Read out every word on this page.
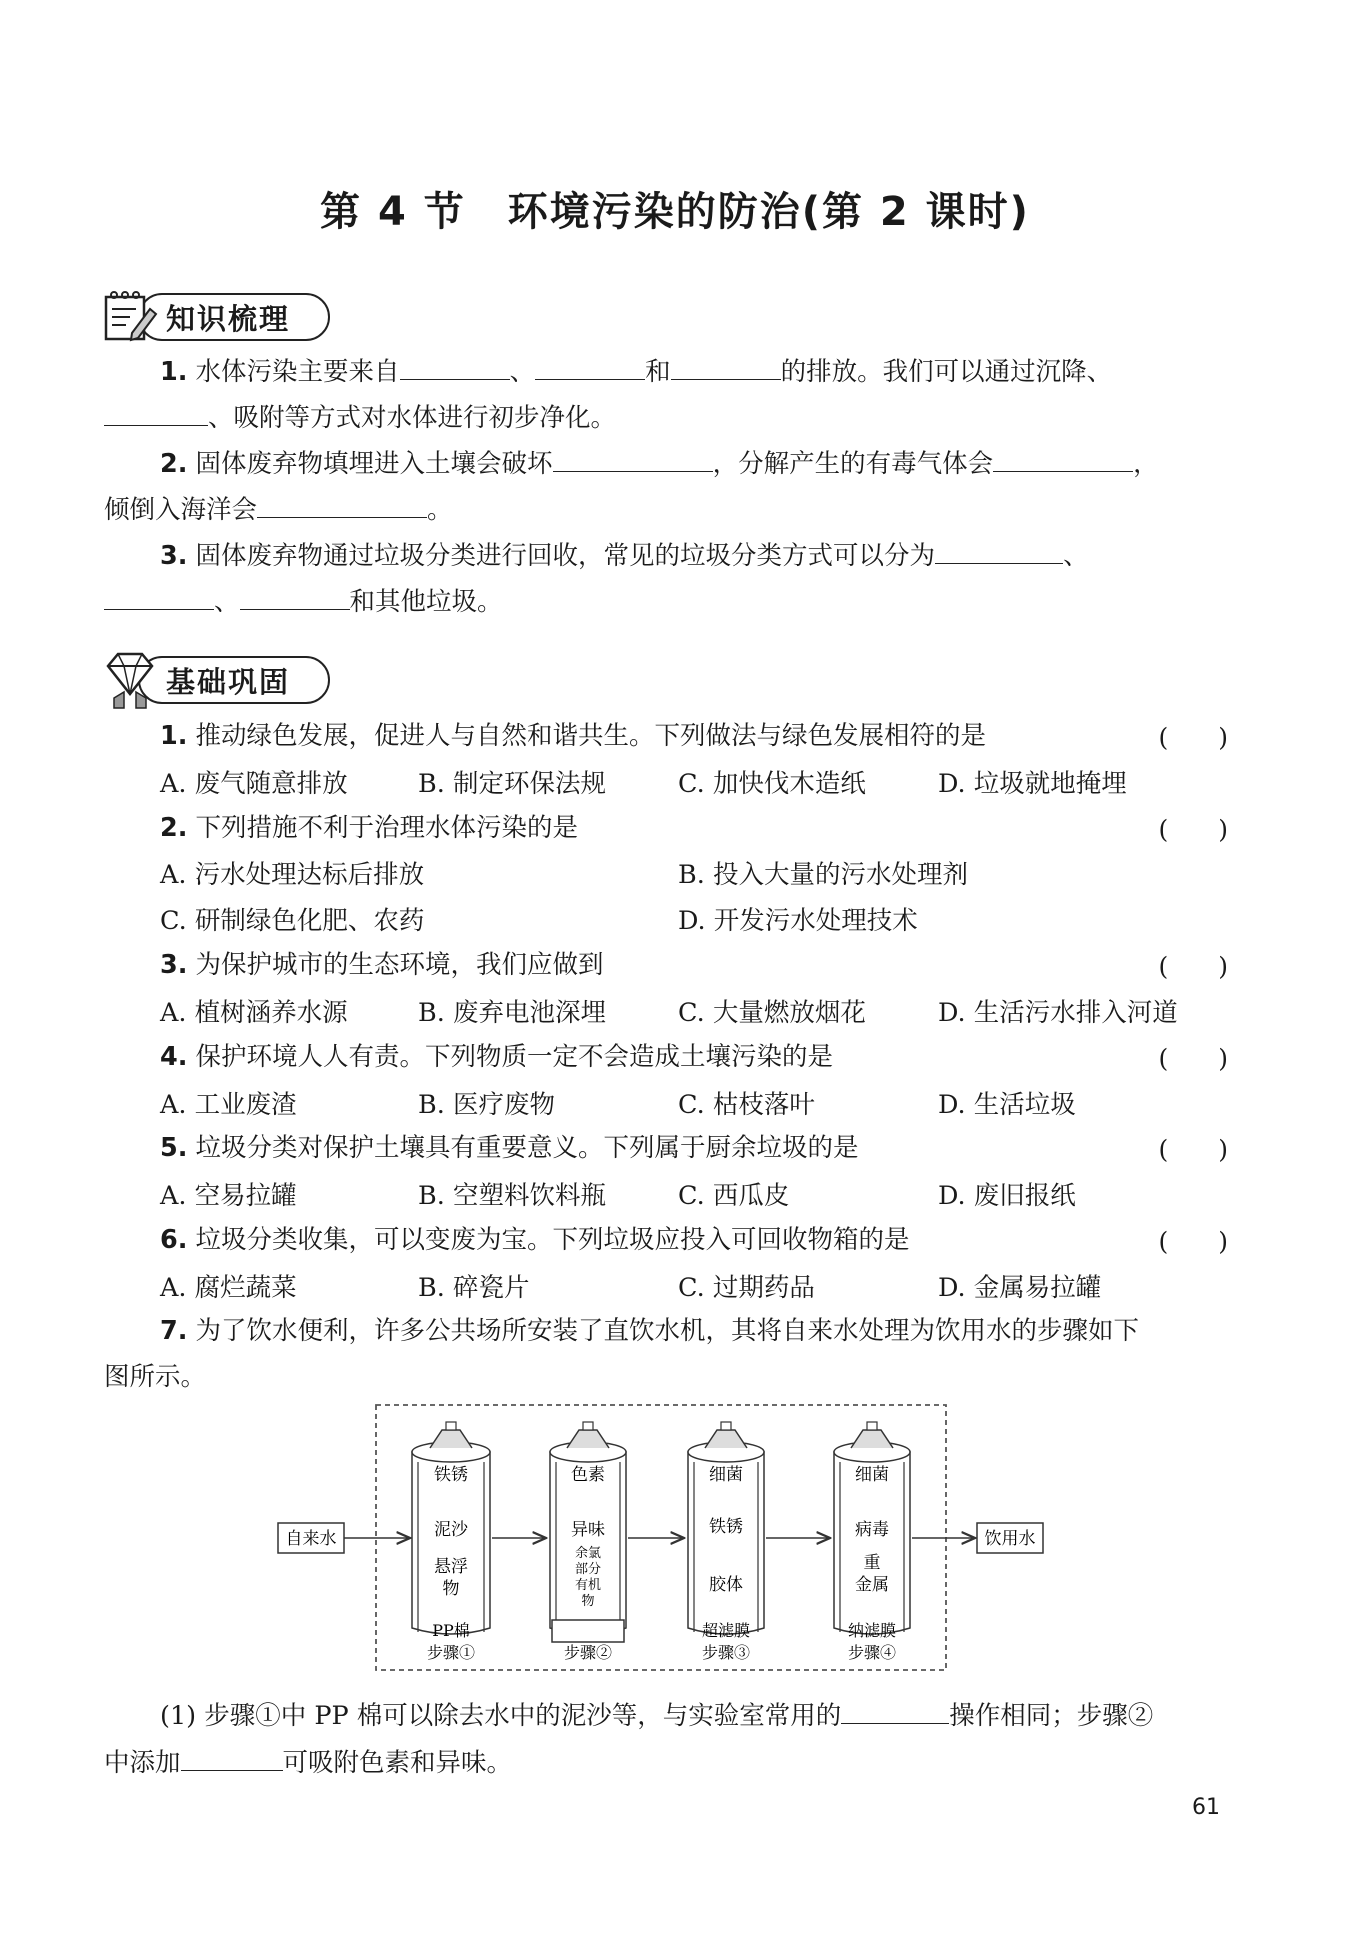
第 4 节　环境污染的防治(第 2 课时)
知识梳理
1. 水体污染主要来自	、	和	的排放。我们可以通过沉降、
、吸附等方式对水体进行初步净化。
2. 固体废弃物填埋进入土壤会破坏	，分解产生的有毒气体会	，
倾倒入海洋会	。
3. 固体废弃物通过垃圾分类进行回收，常见的垃圾分类方式可以分为	、
、	和其他垃圾。
基础巩固
1. 推动绿色发展，促进人与自然和谐共生。下列做法与绿色发展相符的是	(　　)
A. 废气随意排放	B. 制定环保法规	C. 加快伐木造纸	D. 垃圾就地掩埋
2. 下列措施不利于治理水体污染的是	(　　)
A. 污水处理达标后排放	B. 投入大量的污水处理剂
C. 研制绿色化肥、农药	D. 开发污水处理技术
3. 为保护城市的生态环境，我们应做到	(　　)
A. 植树涵养水源	B. 废弃电池深埋	C. 大量燃放烟花	D. 生活污水排入河道
4. 保护环境人人有责。下列物质一定不会造成土壤污染的是	(　　)
A. 工业废渣	B. 医疗废物	C. 枯枝落叶	D. 生活垃圾
5. 垃圾分类对保护土壤具有重要意义。下列属于厨余垃圾的是	(　　)
A. 空易拉罐	B. 空塑料饮料瓶	C. 西瓜皮	D. 废旧报纸
6. 垃圾分类收集，可以变废为宝。下列垃圾应投入可回收物箱的是	(　　)
A. 腐烂蔬菜	B. 碎瓷片	C. 过期药品	D. 金属易拉罐
7. 为了饮水便利，许多公共场所安装了直饮水机，其将自来水处理为饮用水的步骤如下
图所示。
自来水	饮用水
铁锈
泥沙
悬浮
物
PP棉
步骤①
色素
异味
余氯
部分
有机
物
步骤②
细菌
铁锈
胶体
超滤膜
步骤③
细菌
病毒
重
金属
纳滤膜
步骤④
(1) 步骤①中 PP 棉可以除去水中的泥沙等，与实验室常用的	操作相同；步骤②
中添加	可吸附色素和异味。
61
